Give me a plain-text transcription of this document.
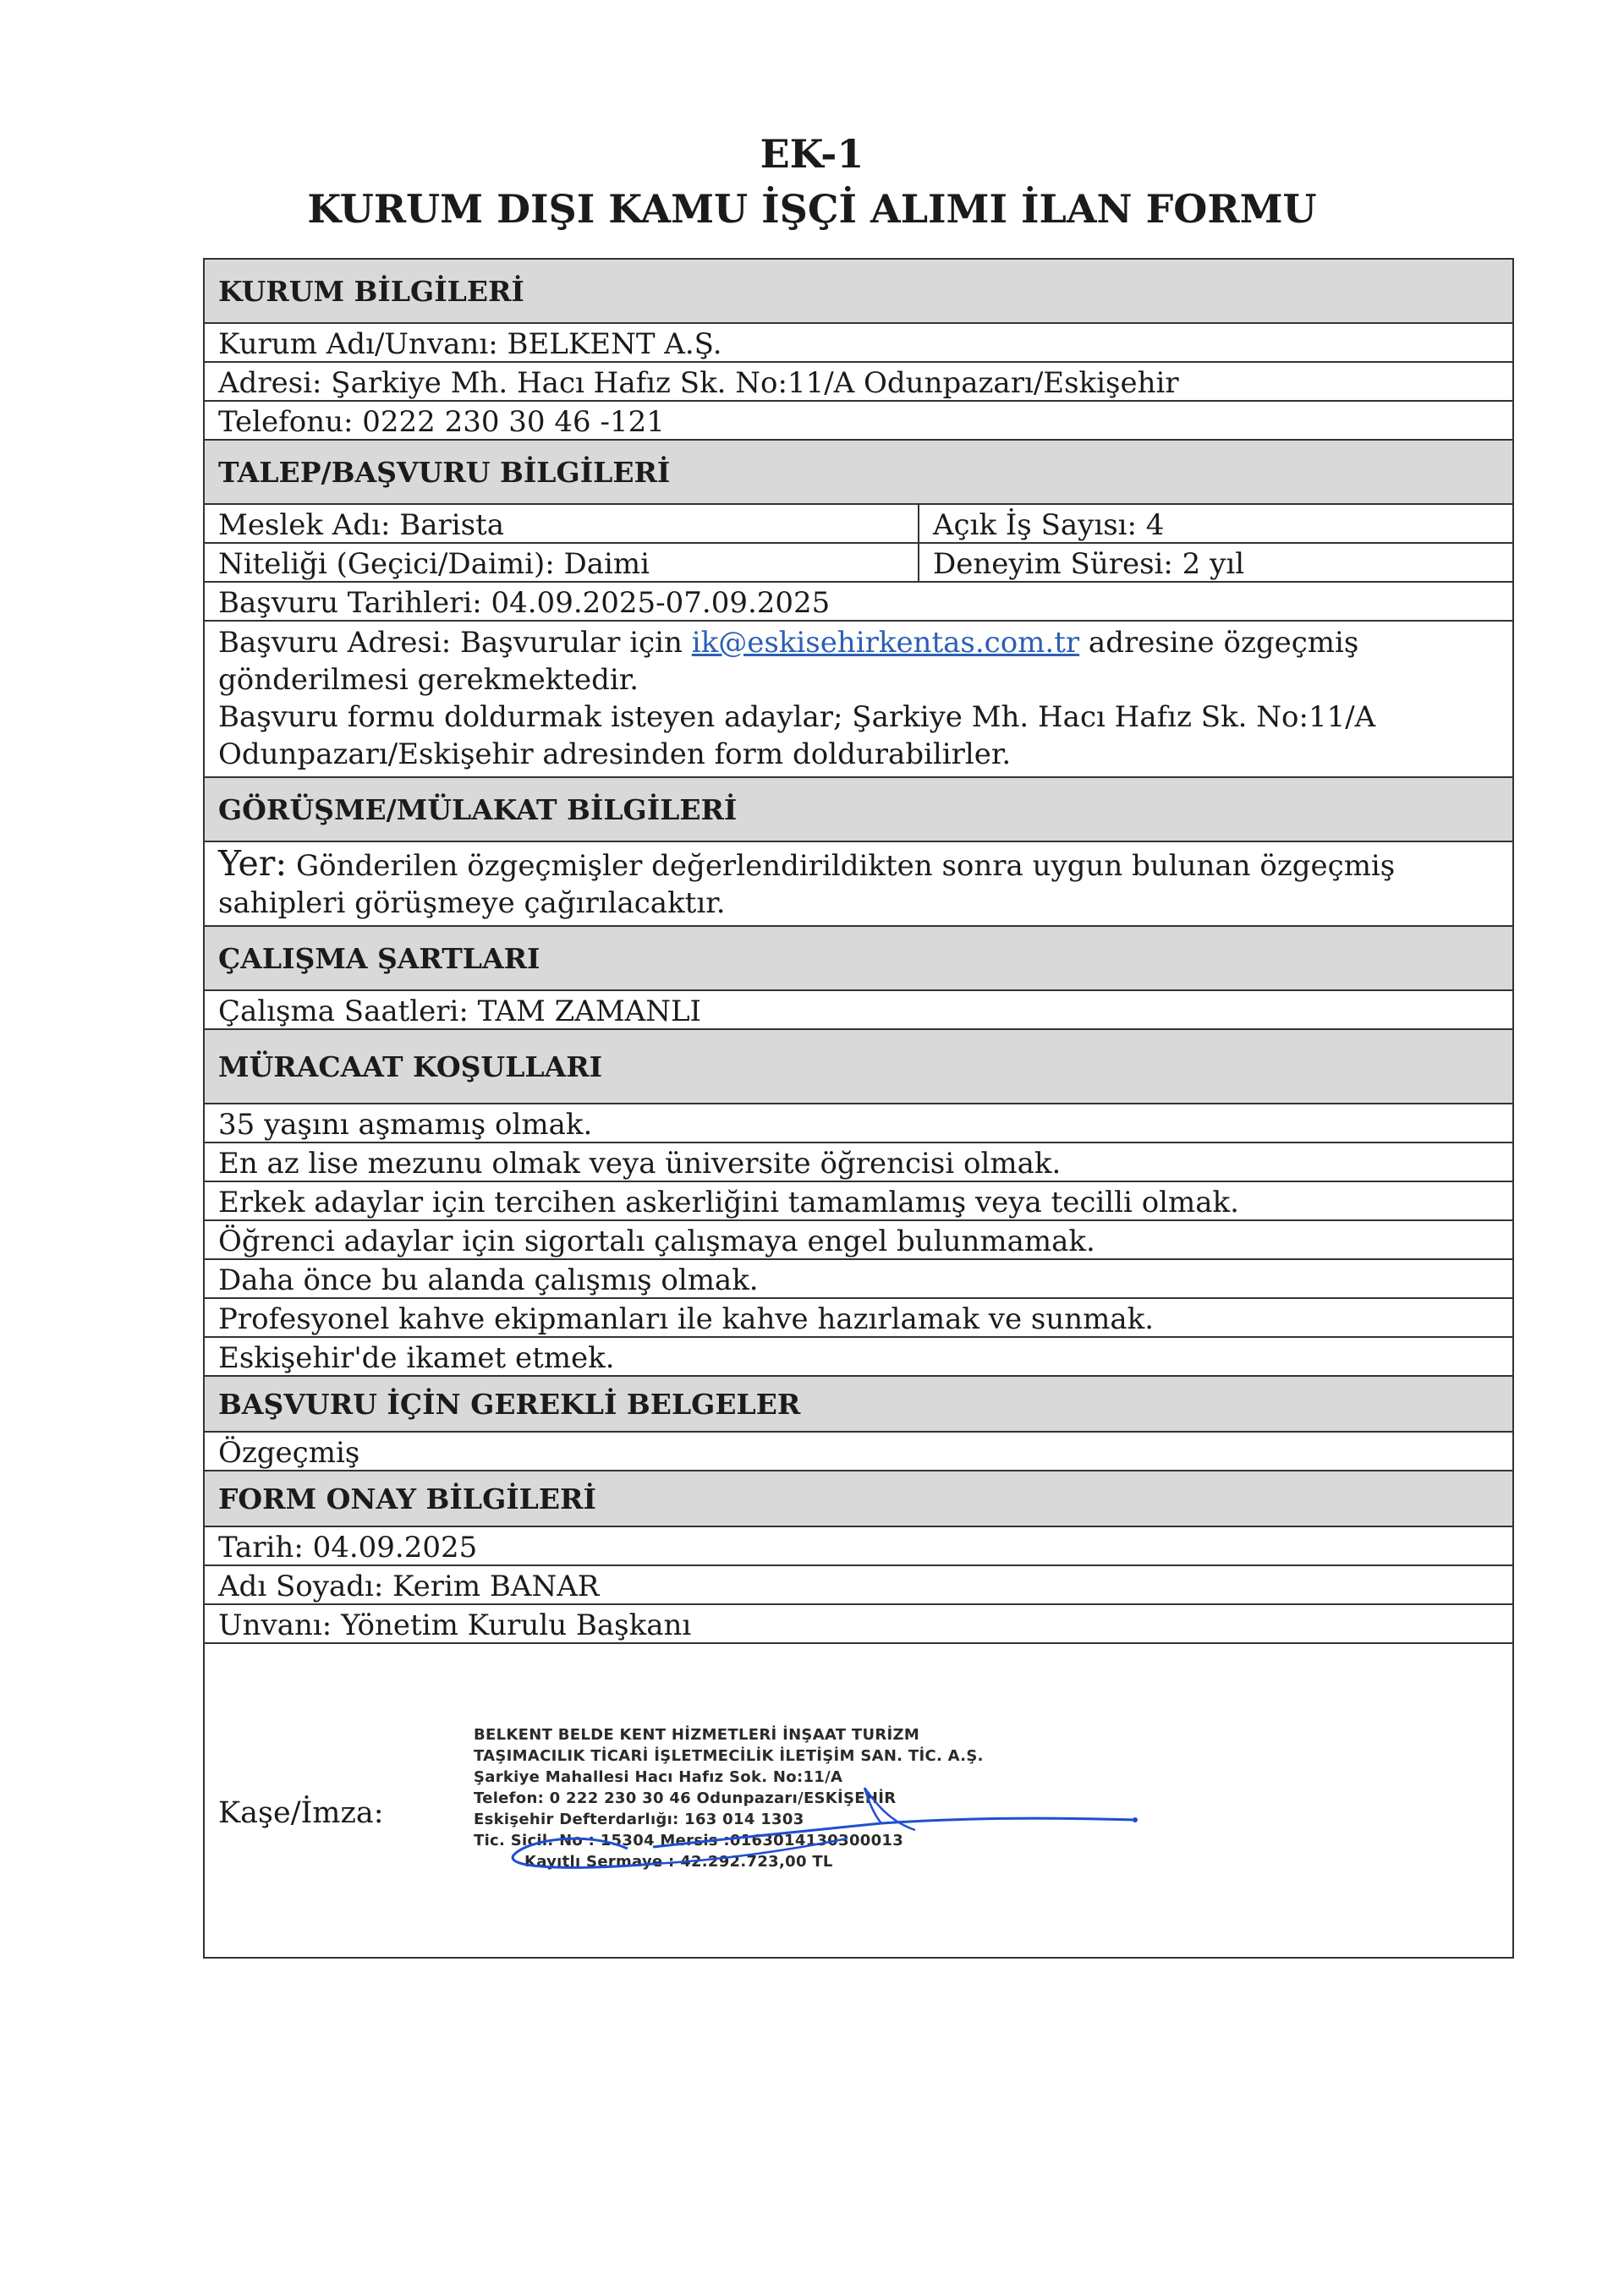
EK-1
KURUM DIŞI KAMU İŞÇİ ALIMI İLAN FORMU
KURUM BİLGİLERİ
Kurum Adı/Unvanı: BELKENT A.Ş.
Adresi: Şarkiye Mh. Hacı Hafız Sk. No:11/A Odunpazarı/Eskişehir
Telefonu: 0222 230 30 46 -121
TALEP/BAŞVURU BİLGİLERİ
Meslek Adı: Barista	Açık İş Sayısı: 4
Niteliği (Geçici/Daimi): Daimi	Deneyim Süresi: 2 yıl
Başvuru Tarihleri: 04.09.2025-07.09.2025
Başvuru Adresi: Başvurular için ik@eskisehirkentas.com.tr adresine özgeçmiş gönderilmesi gerekmektedir.
Başvuru formu doldurmak isteyen adaylar; Şarkiye Mh. Hacı Hafız Sk. No:11/A Odunpazarı/Eskişehir adresinden form doldurabilirler.
GÖRÜŞME/MÜLAKAT BİLGİLERİ
Yer: Gönderilen özgeçmişler değerlendirildikten sonra uygun bulunan özgeçmiş sahipleri görüşmeye çağırılacaktır.
ÇALIŞMA ŞARTLARI
Çalışma Saatleri: TAM ZAMANLI
MÜRACAAT KOŞULLARI
35 yaşını aşmamış olmak.
En az lise mezunu olmak veya üniversite öğrencisi olmak.
Erkek adaylar için tercihen askerliğini tamamlamış veya tecilli olmak.
Öğrenci adaylar için sigortalı çalışmaya engel bulunmamak.
Daha önce bu alanda çalışmış olmak.
Profesyonel kahve ekipmanları ile kahve hazırlamak ve sunmak.
Eskişehir'de ikamet etmek.
BAŞVURU İÇİN GEREKLİ BELGELER
Özgeçmiş
FORM ONAY BİLGİLERİ
Tarih: 04.09.2025
Adı Soyadı: Kerim BANAR
Unvanı: Yönetim Kurulu Başkanı
Kaşe/İmza:
BELKENT BELDE KENT HİZMETLERİ İNŞAAT TURİZM
TAŞIMACILIK TİCARİ İŞLETMECİLİK İLETİŞİM SAN. TİC. A.Ş.
Şarkiye Mahallesi Hacı Hafız Sok. No:11/A
Telefon: 0 222 230 30 46 Odunpazarı/ESKİŞEHİR
Eskişehir Defterdarlığı: 163 014 1303
Tic. Sicil. No : 15304 Mersis :0163014130300013
Kayıtlı Sermaye : 42.292.723,00 TL
